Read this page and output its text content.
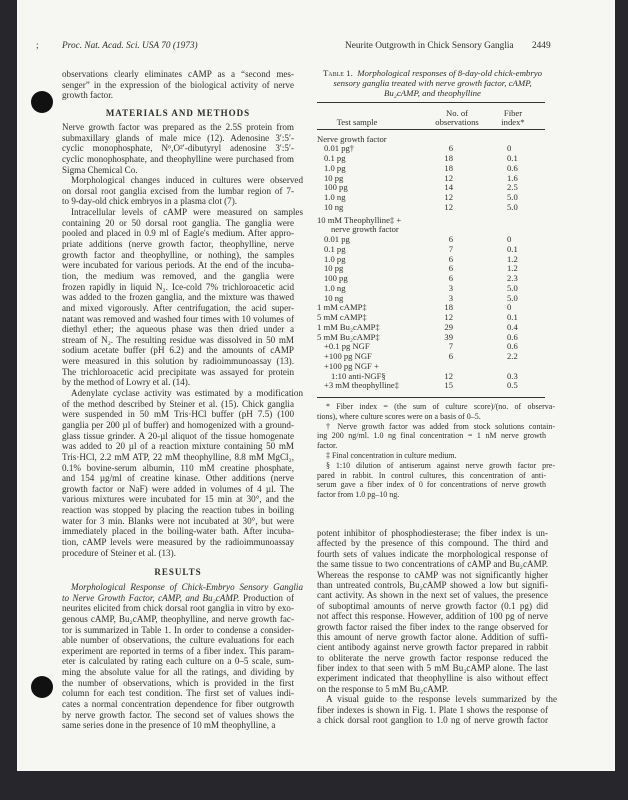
;	Proc. Nat. Acad. Sci. USA 70 (1973)	Neurite Outgrowth in Chick Sensory Ganglia 2449
observations clearly eliminates cAMP as a “second mes-
senger” in the expression of the biological activity of nerve
growth factor.
MATERIALS AND METHODS
Nerve growth factor was prepared as the 2.5S protein from
submaxillary glands of male mice (12). Adenosine 3′:5′-
cyclic monophosphate, N⁶,O²′-dibutyryl adenosine 3′:5′-
cyclic monophosphate, and theophylline were purchased from
Sigma Chemical Co.
Morphological changes induced in cultures were observed
on dorsal root ganglia excised from the lumbar region of 7-
to 9-day-old chick embryos in a plasma clot (7).
Intracellular levels of cAMP were measured on samples
containing 20 or 50 dorsal root ganglia. The ganglia were
pooled and placed in 0.9 ml of Eagle's medium. After appro-
priate additions (nerve growth factor, theophylline, nerve
growth factor and theophylline, or nothing), the samples
were incubated for various periods. At the end of the incuba-
tion, the medium was removed, and the ganglia were
frozen rapidly in liquid N₂. Ice-cold 7% trichloroacetic acid
was added to the frozen ganglia, and the mixture was thawed
and mixed vigorously. After centrifugation, the acid super-
natant was removed and washed four times with 10 volumes of
diethyl ether; the aqueous phase was then dried under a
stream of N₂. The resulting residue was dissolved in 50 mM
sodium acetate buffer (pH 6.2) and the amounts of cAMP
were measured in this solution by radioimmunoassay (13).
The trichloroacetic acid precipitate was assayed for protein
by the method of Lowry et al. (14).
Adenylate cyclase activity was estimated by a modification
of the method described by Steiner et al. (15). Chick ganglia
were suspended in 50 mM Tris·HCl buffer (pH 7.5) (100
ganglia per 200 µl of buffer) and homogenized with a ground-
glass tissue grinder. A 20-µl aliquot of the tissue homogenate
was added to 20 µl of a reaction mixture containing 50 mM
Tris·HCl, 2.2 mM ATP, 22 mM theophylline, 8.8 mM MgCl₂,
0.1% bovine-serum albumin, 110 mM creatine phosphate,
and 154 µg/ml of creatine kinase. Other additions (nerve
growth factor or NaF) were added in volumes of 4 µl. The
various mixtures were incubated for 15 min at 30°, and the
reaction was stopped by placing the reaction tubes in boiling
water for 3 min. Blanks were not incubated at 30°, but were
immediately placed in the boiling-water bath. After incuba-
tion, cAMP levels were measured by the radioimmunoassay
procedure of Steiner et al. (13).
RESULTS
Morphological Response of Chick-Embryo Sensory Ganglia
to Nerve Growth Factor, cAMP, and Bu₂cAMP. Production of
neurites elicited from chick dorsal root ganglia in vitro by exo-
genous cAMP, Bu₂cAMP, theophylline, and nerve growth fac-
tor is summarized in Table 1. In order to condense a consider-
able number of observations, the culture evaluations for each
experiment are reported in terms of a fiber index. This param-
eter is calculated by rating each culture on a 0–5 scale, sum-
ming the absolute value for all the ratings, and dividing by
the number of observations, which is provided in the first
column for each test condition. The first set of values indi-
cates a normal concentration dependence for fiber outgrowth
by nerve growth factor. The second set of values shows the
same series done in the presence of 10 mM theophylline, a
Table 1. Morphological responses of 8-day-old chick-embryo
sensory ganglia treated with nerve growth factor, cAMP,
Bu₂cAMP, and theophylline
Test sample
No. of
observations
Fiber
index*
Nerve growth factor
0.01 pg†	6	0
0.1 pg	18	0.1
1.0 pg	18	0.6
10 pg	12	1.6
100 pg	14	2.5
1.0 ng	12	5.0
10 ng	12	5.0
10 mM Theophylline‡ +
nerve growth factor
0.01 pg	6	0
0.1 pg	7	0.1
1.0 pg	6	1.2
10 pg	6	1.2
100 pg	6	2.3
1.0 ng	3	5.0
10 ng	3	5.0
1 mM cAMP‡	18	0
5 mM cAMP‡	12	0.1
1 mM Bu₂cAMP‡	29	0.4
5 mM Bu₂cAMP‡	39	0.6
+0.1 pg NGF	7	0.6
+100 pg NGF	6	2.2
+100 pg NGF +
1:10 anti-NGF§	12	0.3
+3 mM theophylline‡	15	0.5
* Fiber index = (the sum of culture score)/(no. of observa-
tions), where culture scores were on a basis of 0–5.
† Nerve growth factor was added from stock solutions contain-
ing 200 ng/ml. 1.0 ng final concentration = 1 nM nerve growth
factor.
‡ Final concentration in culture medium.
§ 1:10 dilution of antiserum against nerve growth factor pre-
pared in rabbit. In control cultures, this concentration of anti-
serum gave a fiber index of 0 for concentrations of nerve growth
factor from 1.0 pg–10 ng.
potent inhibitor of phosphodiesterase; the fiber index is un-
affected by the presence of this compound. The third and
fourth sets of values indicate the morphological response of
the same tissue to two concentrations of cAMP and Bu₂cAMP.
Whereas the response to cAMP was not significantly higher
than untreated controls, Bu₂cAMP showed a low but signifi-
cant activity. As shown in the next set of values, the presence
of suboptimal amounts of nerve growth factor (0.1 pg) did
not affect this response. However, addition of 100 pg of nerve
growth factor raised the fiber index to the range observed for
this amount of nerve growth factor alone. Addition of suffi-
cient antibody against nerve growth factor prepared in rabbit
to obliterate the nerve growth factor response reduced the
fiber index to that seen with 5 mM Bu₂cAMP alone. The last
experiment indicated that theophylline is also without effect
on the response to 5 mM Bu₂cAMP.
A visual guide to the response levels summarized by the
fiber indexes is shown in Fig. 1. Plate 1 shows the response of
a chick dorsal root ganglion to 1.0 ng of nerve growth factor
